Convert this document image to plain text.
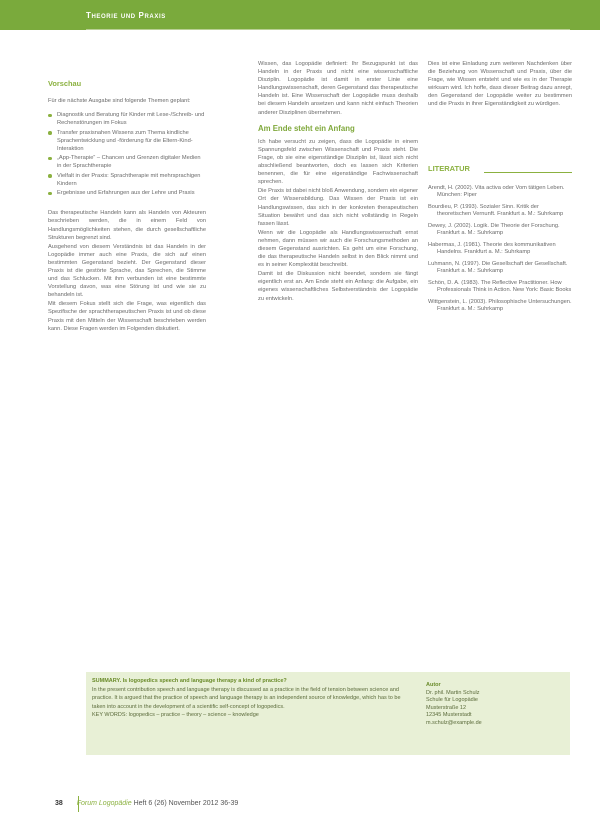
Theorie und Praxis
Vorschau

Für die nächste Ausgabe sind folgende Themen geplant:

Diagnostik und Beratung für Kinder mit Lese-/Schreib- und Rechenstörungen im Fokus
Transfer praxisnahen Wissens zum Thema kindliche Sprachentwicklung und -förderung für die Eltern-Kind-Interaktion
„App-Therapie“ – Chancen und Grenzen digitaler Medien in der Sprachtherapie
Vielfalt in der Praxis: Sprachtherapie mit mehrsprachigen Kindern
Ergebnisse und Erfahrungen aus der Lehre und Praxis

Das therapeutische Handeln kann als Handeln von Akteuren beschrieben werden, die in einem Feld von Handlungsmöglichkeiten stehen, die durch gesellschaftliche Strukturen begrenzt sind.

Ausgehend von diesem Verständnis ist das Handeln in der Logopädie immer auch eine Praxis, die sich auf einen bestimmten Gegenstand bezieht. Der Gegenstand dieser Praxis ist die gestörte Sprache, das Sprechen, die Stimme und das Schlucken. Mit ihm verbunden ist eine bestimmte Vorstellung davon, was eine Störung ist und wie sie zu behandeln ist.

Mit diesem Fokus stellt sich die Frage, was eigentlich das Spezifische der sprachtherapeutischen Praxis ist und ob diese Praxis mit den Mitteln der Wissenschaft beschrieben werden kann. Diese Fragen werden im Folgenden diskutiert.

Wissen, das Logopädie definiert: Ihr Bezugspunkt ist das Handeln in der Praxis und nicht eine wissenschaftliche Disziplin. Logopädie ist damit in erster Linie eine Handlungswissenschaft, deren Gegenstand das therapeutische Handeln ist. Eine Wissenschaft der Logopädie muss deshalb bei diesem Handeln ansetzen und kann nicht einfach Theorien anderer Disziplinen übernehmen.

Am Ende steht ein Anfang

Ich habe versucht zu zeigen, dass die Logopädie in einem Spannungsfeld zwischen Wissenschaft und Praxis steht. Die Frage, ob sie eine eigenständige Disziplin ist, lässt sich nicht abschließend beantworten, doch es lassen sich Kriterien benennen, die für eine eigenständige Fachwissenschaft sprechen.

Die Praxis ist dabei nicht bloß Anwendung, sondern ein eigener Ort der Wissensbildung. Das Wissen der Praxis ist ein Handlungswissen, das sich in der konkreten therapeutischen Situation bewährt und das sich nicht vollständig in Regeln fassen lässt.

Wenn wir die Logopädie als Handlungswissenschaft ernst nehmen, dann müssen wir auch die Forschungsmethoden an diesem Gegenstand ausrichten. Es geht um eine Forschung, die das therapeutische Handeln selbst in den Blick nimmt und es in seiner Komplexität beschreibt.

Damit ist die Diskussion nicht beendet, sondern sie fängt eigentlich erst an. Am Ende steht ein Anfang: die Aufgabe, ein eigenes wissenschaftliches Selbstverständnis der Logopädie zu entwickeln.

Dies ist eine Einladung zum weiteren Nachdenken über die Beziehung von Wissenschaft und Praxis, über die Frage, wie Wissen entsteht und wie es in der Therapie wirksam wird. Ich hoffe, dass dieser Beitrag dazu anregt, den Gegenstand der Logopädie weiter zu bestimmen und die Praxis in ihrer Eigenständigkeit zu würdigen.

LITERATUR
Arendt, H. (2002). Vita activa oder Vom tätigen Leben. München: Piper
Bourdieu, P. (1993). Sozialer Sinn. Kritik der theoretischen Vernunft. Frankfurt a. M.: Suhrkamp
Dewey, J. (2002). Logik. Die Theorie der Forschung. Frankfurt a. M.: Suhrkamp
Habermas, J. (1981). Theorie des kommunikativen Handelns. Frankfurt a. M.: Suhrkamp
Luhmann, N. (1997). Die Gesellschaft der Gesellschaft. Frankfurt a. M.: Suhrkamp
Schön, D. A. (1983). The Reflective Practitioner. How Professionals Think in Action. New York: Basic Books
Wittgenstein, L. (2003). Philosophische Untersuchungen. Frankfurt a. M.: Suhrkamp
SUMMARY. Is logopedics speech and language therapy a kind of practice?
In the present contribution speech and language therapy is discussed as a practice in the field of tension between science and practice. It is argued that the practice of speech and language therapy is an independent source of knowledge, which has to be taken into account in the development of a scientific self-concept of logopedics.
KEY WORDS: logopedics – practice – theory – science – knowledge
Autor
Dr. phil. Martin Schulz
Schule für Logopädie
Musterstraße 12
12345 Musterstadt
m.schulz@example.de
38 Forum Logopädie Heft 6 (26) November 2012 36-39
